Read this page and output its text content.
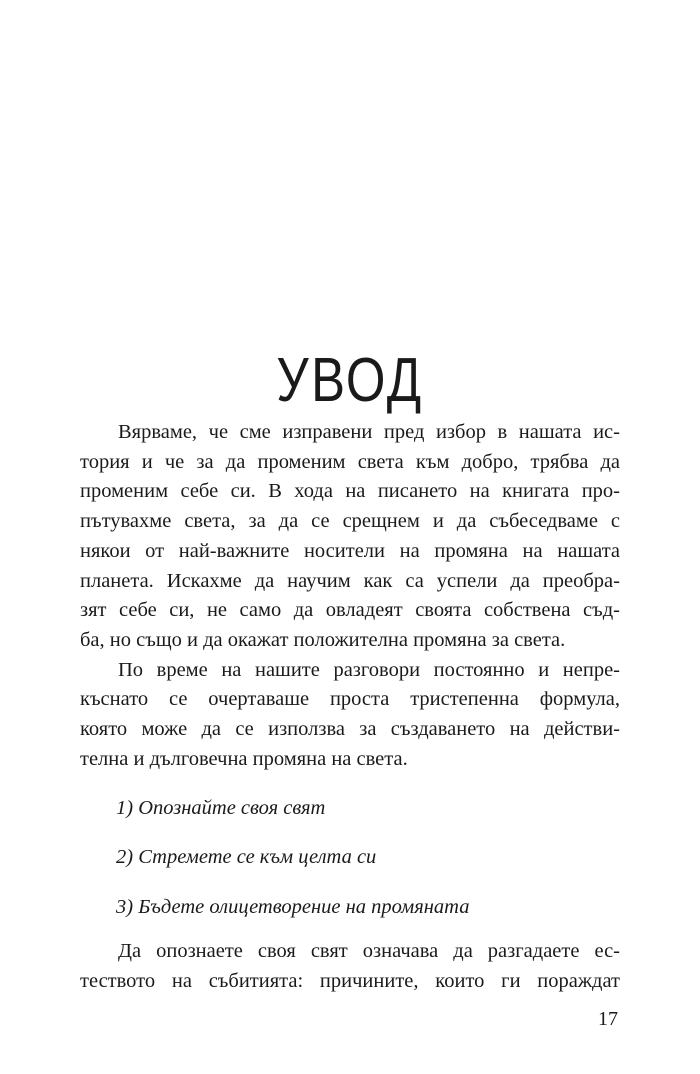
УВОД
Вярваме, че сме изправени пред избор в нашата ис-
тория и че за да променим света към добро, трябва да
променим себе си. В хода на писането на книгата про-
пътувахме света, за да се срещнем и да събеседваме с
някои от най-важните носители на промяна на нашата
планета. Искахме да научим как са успели да преобра-
зят себе си, не само да овладеят своята собствена съд-
ба, но също и да окажат положителна промяна за света.
По време на нашите разговори постоянно и непре-
къснато се очертаваше проста тристепенна формула,
която може да се използва за създаването на действи-
телна и дълговечна промяна на света.
1) Опознайте своя свят
2) Стремете се към целта си
3) Бъдете олицетворение на промяната
Да опознаете своя свят означава да разгадаете ес-
теството на събитията: причините, които ги пораждат
17
